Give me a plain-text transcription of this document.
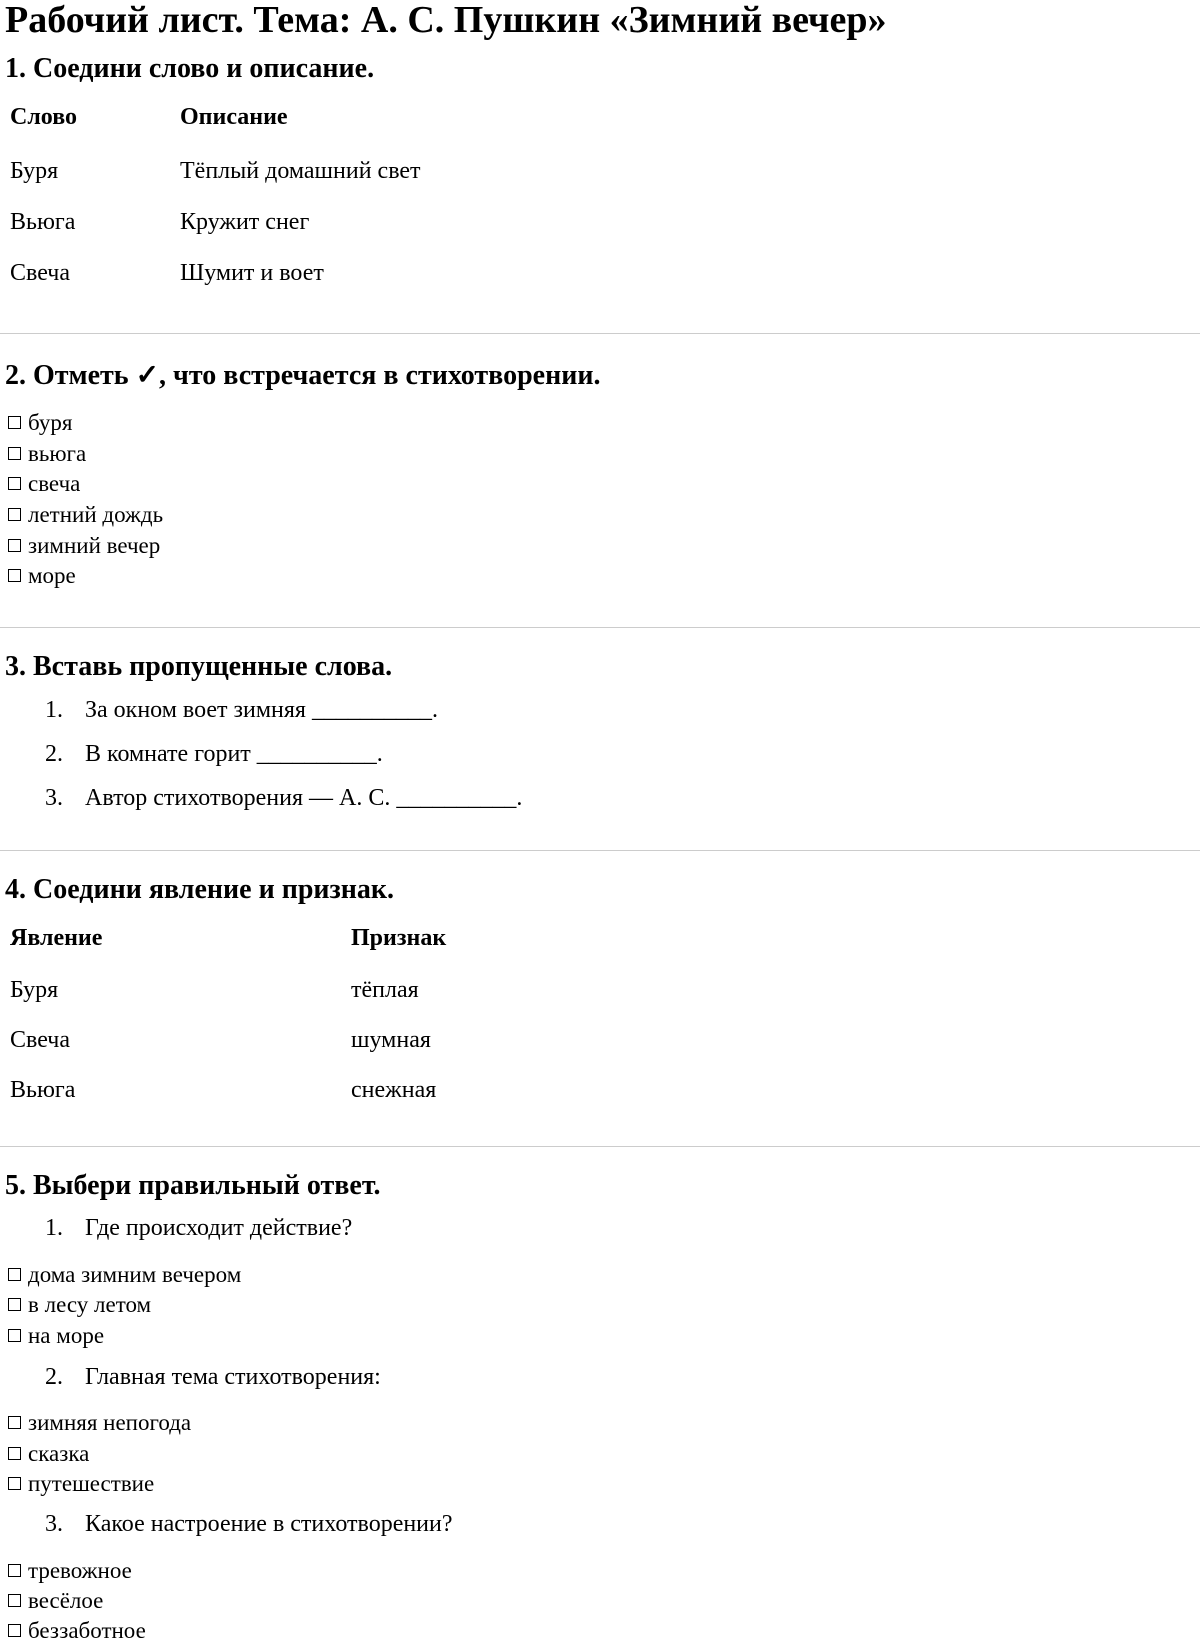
Рабочий лист. Тема: А. С. Пушкин «Зимний вечер»
1. Соедини слово и описание.
Слово	Описание
Буря	Тёплый домашний свет
Вьюга	Кружит снег
Свеча	Шумит и воет
2. Отметь ✓, что встречается в стихотворении.
буря
вьюга
свеча
летний дождь
зимний вечер
море
3. Вставь пропущенные слова.
1. За окном воет зимняя __________.
2. В комнате горит __________.
3. Автор стихотворения — А. С. __________.
4. Соедини явление и признак.
Явление	Признак
Буря	тёплая
Свеча	шумная
Вьюга	снежная
5. Выбери правильный ответ.
1. Где происходит действие?
дома зимним вечером
в лесу летом
на море
2. Главная тема стихотворения:
зимняя непогода
сказка
путешествие
3. Какое настроение в стихотворении?
тревожное
весёлое
беззаботное
